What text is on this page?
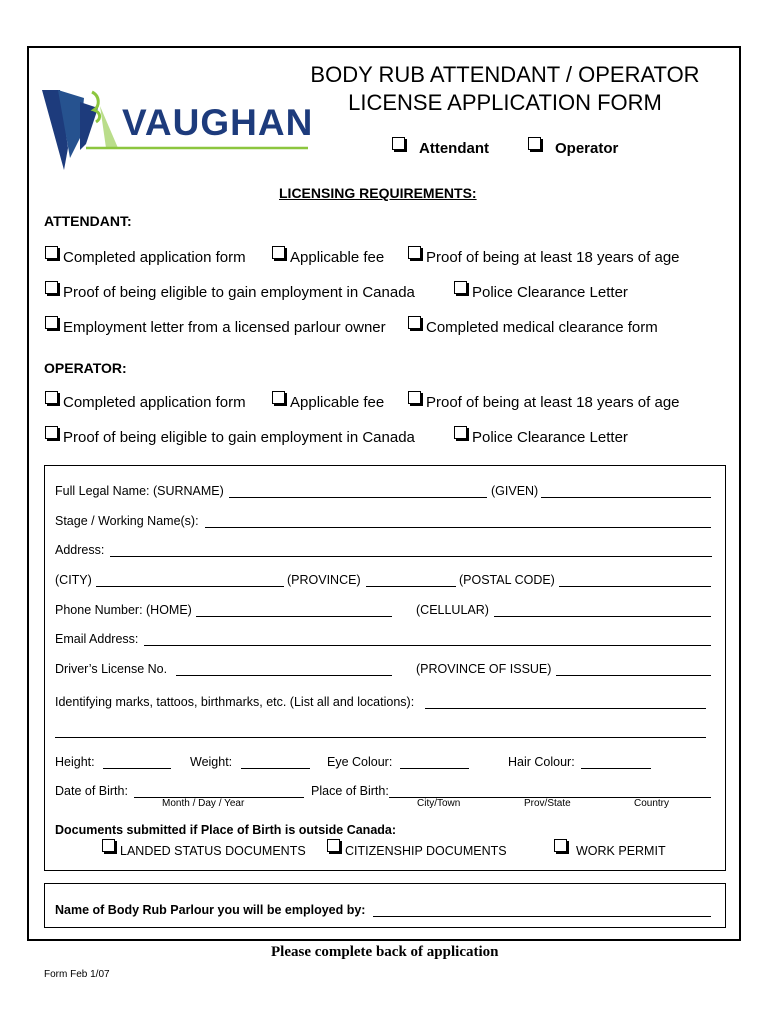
VAUGHAN
BODY RUB ATTENDANT / OPERATOR
LICENSE APPLICATION FORM
Attendant	Operator
LICENSING REQUIREMENTS:
ATTENDANT:
Completed application form	Applicable fee	Proof of being at least 18 years of age
Proof of being eligible to gain employment in Canada	Police Clearance Letter
Employment letter from a licensed parlour owner	Completed medical clearance form
OPERATOR:
Completed application form	Applicable fee	Proof of being at least 18 years of age
Proof of being eligible to gain employment in Canada	Police Clearance Letter
Full Legal Name: (SURNAME)	(GIVEN)
Stage / Working Name(s):
Address:
(CITY)	(PROVINCE)	(POSTAL CODE)
Phone Number: (HOME)	(CELLULAR)
Email Address:
Driver’s License No.	(PROVINCE OF ISSUE)
Identifying marks, tattoos, birthmarks, etc. (List all and locations):
Height:	Weight:	Eye Colour:	Hair Colour:
Date of Birth:	Place of Birth:
Month / Day / Year	City/Town	Prov/State	Country
Documents submitted if Place of Birth is outside Canada:
LANDED STATUS DOCUMENTS	CITIZENSHIP DOCUMENTS	WORK PERMIT
Name of Body Rub Parlour you will be employed by:
Please complete back of application
Form Feb 1/07
